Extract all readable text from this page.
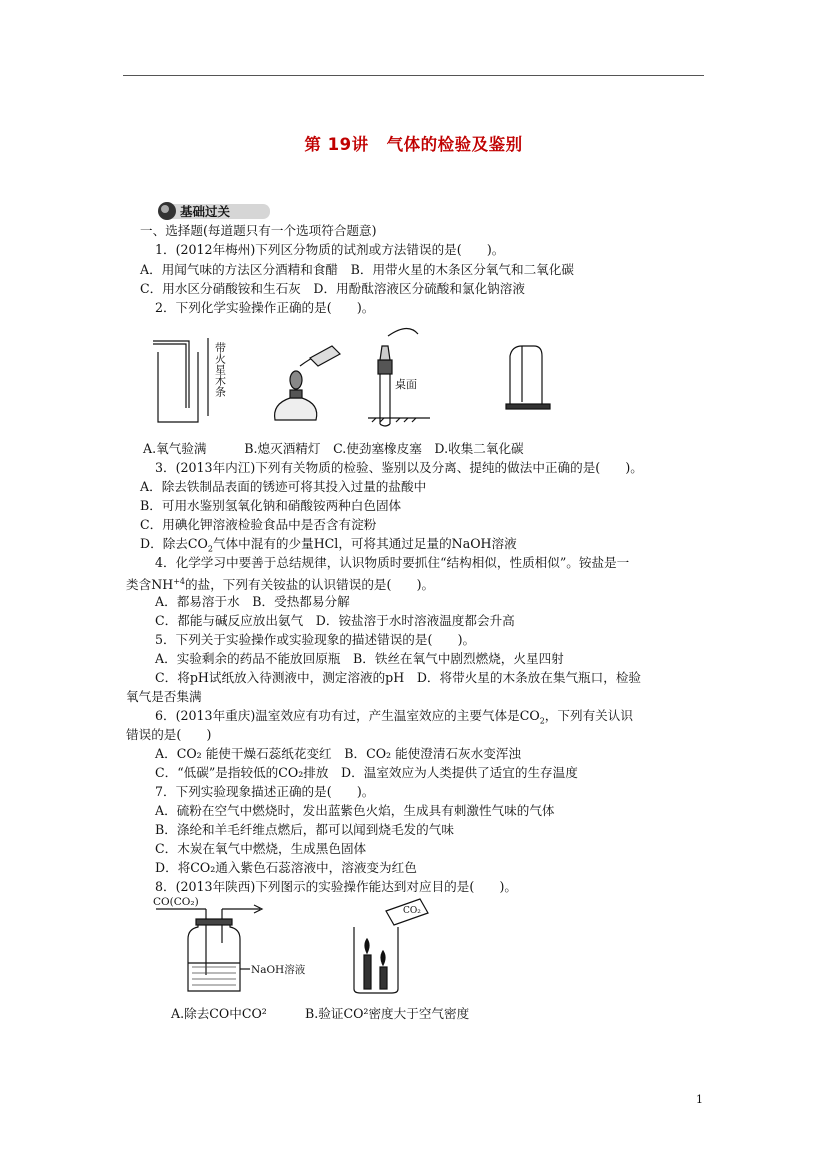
第 19讲 气体的检验及鉴别
基础过关
一、选择题(每道题只有一个选项符合题意)
1．(2012年梅州)下列区分物质的试剂或方法错误的是(　　)。
A．用闻气味的方法区分酒精和食醋　B．用带火星的木条区分氧气和二氧化碳
C．用水区分硝酸铵和生石灰　D．用酚酞溶液区分硫酸和氯化钠溶液
2．下列化学实验操作正确的是(　　)。
带火星木条	桌面
A.氧气验满　　　B.熄灭酒精灯　C.使劲塞橡皮塞　D.收集二氧化碳
3．(2013年内江)下列有关物质的检验、鉴别以及分离、提纯的做法中正确的是(　　)。
A．除去铁制品表面的锈迹可将其投入过量的盐酸中
B．可用水鉴别氢氧化钠和硝酸铵两种白色固体
C．用碘化钾溶液检验食品中是否含有淀粉
D．除去$CO_2$气体中混有的少量HCl，可将其通过足量的NaOH溶液
4．化学学习中要善于总结规律，认识物质时要抓住“结构相似，性质相似”。铵盐是一
类含$NH^{+4}$的盐，下列有关铵盐的认识错误的是(　　)。
A．都易溶于水　B．受热都易分解
C．都能与碱反应放出氨气　D．铵盐溶于水时溶液温度都会升高
5．下列关于实验操作或实验现象的描述错误的是(　　)。
A．实验剩余的药品不能放回原瓶　B．铁丝在氧气中剧烈燃烧，火星四射
C．将pH试纸放入待测液中，测定溶液的pH　D．将带火星的木条放在集气瓶口，检验
氧气是否集满
6．(2013年重庆)温室效应有功有过，产生温室效应的主要气体是$CO_2$，下列有关认识
错误的是(　　)
A．CO₂ 能使干燥石蕊纸花变红　B．CO₂ 能使澄清石灰水变浑浊
C．“低碳”是指较低的CO₂排放　D．温室效应为人类提供了适宜的生存温度
7．下列实验现象描述正确的是(　　)。
A．硫粉在空气中燃烧时，发出蓝紫色火焰，生成具有刺激性气味的气体
B．涤纶和羊毛纤维点燃后，都可以闻到烧毛发的气味
C．木炭在氧气中燃烧，生成黑色固体
D．将CO₂通入紫色石蕊溶液中，溶液变为红色
8．(2013年陕西)下列图示的实验操作能达到对应目的是(　　)。
CO(CO₂)
NaOH溶液
CO₂
A.除去CO中CO²	B.验证CO²密度大于空气密度
1
